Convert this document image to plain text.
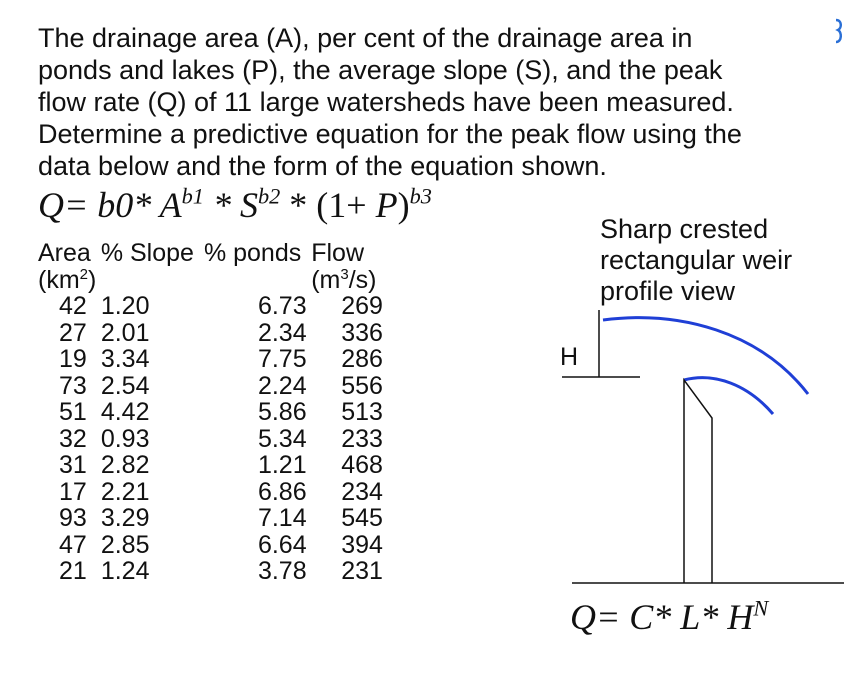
The drainage area (A), per cent of the drainage area in
ponds and lakes (P), the average slope (S), and the peak
flow rate (Q) of 11 large watersheds have been measured.
Determine a predictive equation for the peak flow using the
data below and the form of the equation shown.
Q= b0* $A^{b1} * S^{b2} * (1+ P)^{b3}$
Area	% Slope	% ponds	Flow
$(km^2)$			$(m^3/s)$
42	1.20	6.73	269
27	2.01	2.34	336
19	3.34	7.75	286
73	2.54	2.24	556
51	4.42	5.86	513
32	0.93	5.34	233
31	2.82	1.21	468
17	2.21	6.86	234
93	3.29	7.14	545
47	2.85	6.64	394
21	1.24	3.78	231
Sharp crested
rectangular weir
profile view
H
Q= C* L* $H^N$
